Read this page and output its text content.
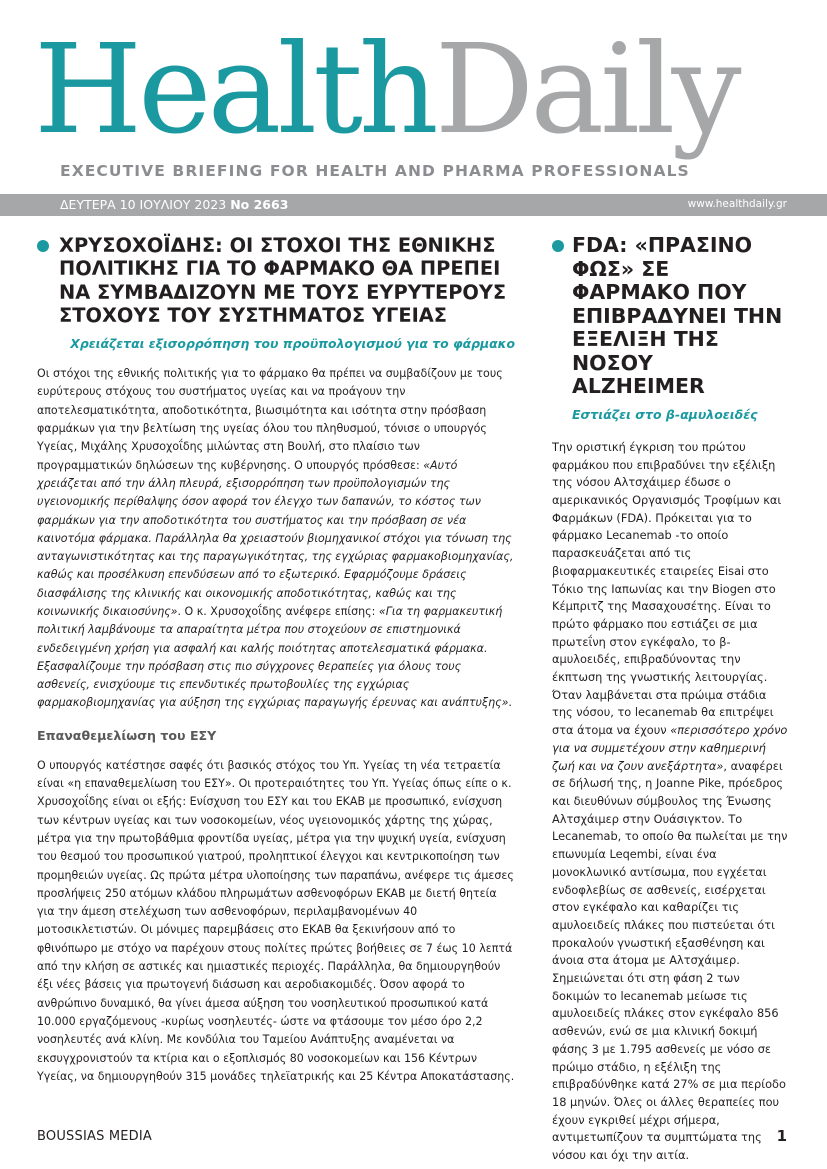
HealthDaily
EXECUTIVE BRIEFING FOR HEALTH AND PHARMA PROFESSIONALS
ΔΕΥΤΕΡΑ 10 ΙΟΥΛΙΟΥ 2023 Νο 2663	www.healthdaily.gr
ΧΡΥΣΟΧΟΪΔΗΣ: ΟΙ ΣΤΟΧΟΙ ΤΗΣ ΕΘΝΙΚΗΣ ΠΟΛΙΤΙΚΗΣ ΓΙΑ ΤΟ ΦΑΡΜΑΚΟ ΘΑ ΠΡΕΠΕΙ ΝΑ ΣΥΜΒΑΔΙΖΟΥΝ ΜΕ ΤΟΥΣ ΕΥΡΥΤΕΡΟΥΣ ΣΤΟΧΟΥΣ ΤΟΥ ΣΥΣΤΗΜΑΤΟΣ ΥΓΕΙΑΣ
Χρειάζεται εξισορρόπηση του προϋπολογισμού για το φάρμακο

Οι στόχοι της εθνικής πολιτικής για το φάρμακο θα πρέπει να συμβαδίζουν με τους ευρύτερους στόχους του συστήματος υγείας και να προάγουν την αποτελεσματικότητα, αποδοτικότητα, βιωσιμότητα και ισότητα στην πρόσβαση φαρμάκων για την βελτίωση της υγείας όλου του πληθυσμού, τόνισε ο υπουργός Υγείας, Μιχάλης Χρυσοχοΐδης μιλώντας στη Βουλή, στο πλαίσιο των προγραμματικών δηλώσεων της κυβέρνησης. Ο υπουργός πρόσθεσε: «Αυτό χρειάζεται από την άλλη πλευρά, εξισορρόπηση των προϋπολογισμών της υγειονομικής περίθαλψης όσον αφορά τον έλεγχο των δαπανών, το κόστος των φαρμάκων για την αποδοτικότητα του συστήματος και την πρόσβαση σε νέα καινοτόμα φάρμακα. Παράλληλα θα χρειαστούν βιομηχανικοί στόχοι για τόνωση της ανταγωνιστικότητας και της παραγωγικότητας, της εγχώριας φαρμακοβιομηχανίας, καθώς και προσέλκυση επενδύσεων από το εξωτερικό. Εφαρμόζουμε δράσεις διασφάλισης της κλινικής και οικονομικής αποδοτικότητας, καθώς και της κοινωνικής δικαιοσύνης». Ο κ. Χρυσοχοΐδης ανέφερε επίσης: «Για τη φαρμακευτική πολιτική λαμβάνουμε τα απαραίτητα μέτρα που στοχεύουν σε επιστημονικά ενδεδειγμένη χρήση για ασφαλή και καλής ποιότητας αποτελεσματικά φάρμακα. Εξασφαλίζουμε την πρόσβαση στις πιο σύγχρονες θεραπείες για όλους τους ασθενείς, ενισχύουμε τις επενδυτικές πρωτοβουλίες της εγχώριας φαρμακοβιομηχανίας για αύξηση της εγχώριας παραγωγής έρευνας και ανάπτυξης».

Επαναθεμελίωση του ΕΣΥ

Ο υπουργός κατέστησε σαφές ότι βασικός στόχος του Υπ. Υγείας τη νέα τετραετία είναι «η επαναθεμελίωση του ΕΣΥ». Οι προτεραιότητες του Υπ. Υγείας όπως είπε ο κ. Χρυσοχοΐδης είναι οι εξής: Ενίσχυση του ΕΣΥ και του ΕΚΑΒ με προσωπικό, ενίσχυση των κέντρων υγείας και των νοσοκομείων, νέος υγειονομικός χάρτης της χώρας, μέτρα για την πρωτοβάθμια φροντίδα υγείας, μέτρα για την ψυχική υγεία, ενίσχυση του θεσμού του προσωπικού γιατρού, προληπτικοί έλεγχοι και κεντρικοποίηση των προμηθειών υγείας. Ως πρώτα μέτρα υλοποίησης των παραπάνω, ανέφερε τις άμεσες προσλήψεις 250 ατόμων κλάδου πληρωμάτων ασθενοφόρων ΕΚΑΒ με διετή θητεία για την άμεση στελέχωση των ασθενοφόρων, περιλαμβανομένων 40 μοτοσικλετιστών. Οι μόνιμες παρεμβάσεις στο ΕΚΑΒ θα ξεκινήσουν από το φθινόπωρο με στόχο να παρέχουν στους πολίτες πρώτες βοήθειες σε 7 έως 10 λεπτά από την κλήση σε αστικές και ημιαστικές περιοχές. Παράλληλα, θα δημιουργηθούν έξι νέες βάσεις για πρωτογενή διάσωση και αεροδιακομιδές. Όσον αφορά το ανθρώπινο δυναμικό, θα γίνει άμεσα αύξηση του νοσηλευτικού προσωπικού κατά 10.000 εργαζόμενους -κυρίως νοσηλευτές- ώστε να φτάσουμε τον μέσο όρο 2,2 νοσηλευτές ανά κλίνη. Με κονδύλια του Ταμείου Ανάπτυξης αναμένεται να εκσυγχρονιστούν τα κτίρια και ο εξοπλισμός 80 νοσοκομείων και 156 Κέντρων Υγείας, να δημιουργηθούν 315 μονάδες τηλεϊατρικής και 25 Κέντρα Αποκατάστασης.

FDA: «ΠΡΑΣΙΝΟ ΦΩΣ» ΣΕ ΦΑΡΜΑΚΟ ΠΟΥ ΕΠΙΒΡΑΔΥΝΕΙ ΤΗΝ ΕΞΕΛΙΞΗ ΤΗΣ ΝΟΣΟΥ ALZHEIMER
Εστιάζει στο β-αμυλοειδές

Την οριστική έγκριση του πρώτου φαρμάκου που επιβραδύνει την εξέλιξη της νόσου Αλτσχάιμερ έδωσε ο αμερικανικός Οργανισμός Τροφίμων και Φαρμάκων (FDA). Πρόκειται για το φάρμακο Lecanemab -το οποίο παρασκευάζεται από τις βιοφαρμακευτικές εταιρείες Eisai στο Τόκιο της Ιαπωνίας και την Biogen στο Κέμπριτζ της Μασαχουσέτης. Είναι το πρώτο φάρμακο που εστιάζει σε μια πρωτεΐνη στον εγκέφαλο, το β-αμυλοειδές, επιβραδύνοντας την έκπτωση της γνωστικής λειτουργίας. Όταν λαμβάνεται στα πρώιμα στάδια της νόσου, το lecanemab θα επιτρέψει στα άτομα να έχουν «περισσότερο χρόνο για να συμμετέχουν στην καθημερινή ζωή και να ζουν ανεξάρτητα», αναφέρει σε δήλωσή της, η Joanne Pike, πρόεδρος και διευθύνων σύμβουλος της Ένωσης Αλτσχάιμερ στην Ουάσιγκτον. Το Lecanemab, το οποίο θα πωλείται με την επωνυμία Leqembi, είναι ένα μονοκλωνικό αντίσωμα, που εγχέεται ενδοφλεβίως σε ασθενείς, εισέρχεται στον εγκέφαλο και καθαρίζει τις αμυλοειδείς πλάκες που πιστεύεται ότι προκαλούν γνωστική εξασθένηση και άνοια στα άτομα με Αλτσχάιμερ. Σημειώνεται ότι στη φάση 2 των δοκιμών το lecanemab μείωσε τις αμυλοειδείς πλάκες στον εγκέφαλο 856 ασθενών, ενώ σε μια κλινική δοκιμή φάσης 3 με 1.795 ασθενείς με νόσο σε πρώιμο στάδιο, η εξέλιξη της επιβραδύνθηκε κατά 27% σε μια περίοδο 18 μηνών. Όλες οι άλλες θεραπείες που έχουν εγκριθεί μέχρι σήμερα, αντιμετωπίζουν τα συμπτώματα της νόσου και όχι την αιτία.

BOUSSIAS MEDIA	1
